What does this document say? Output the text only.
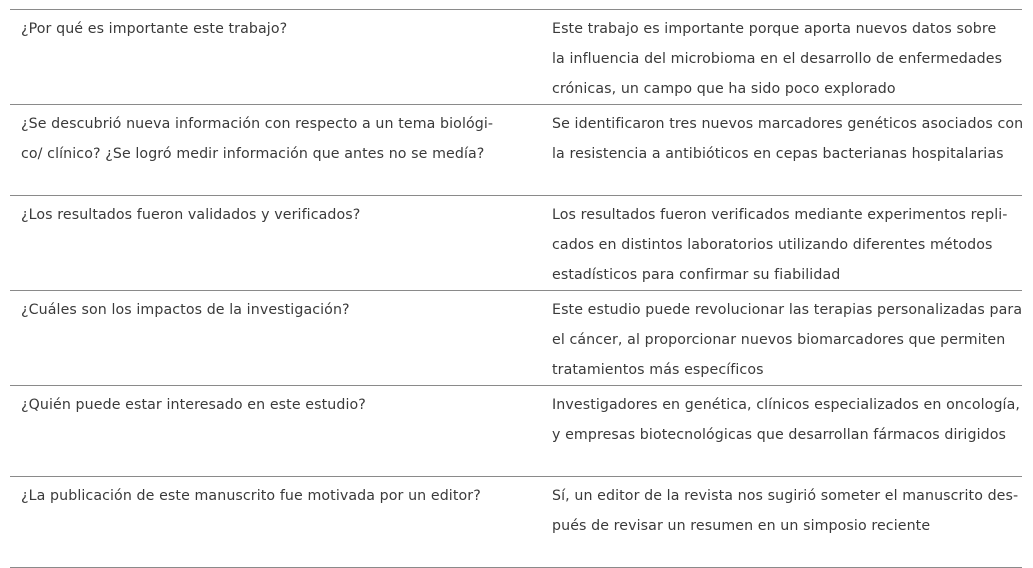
¿Por qué es importante este trabajo?	Este trabajo es importante porque aporta nuevos datos sobre
la influencia del microbioma en el desarrollo de enfermedades
crónicas, un campo que ha sido poco explorado

¿Se descubrió nueva información con respecto a un tema biológi-
co/ clínico? ¿Se logró medir información que antes no se medía?	Se identificaron tres nuevos marcadores genéticos asociados con
la resistencia a antibióticos en cepas bacterianas hospitalarias

¿Los resultados fueron validados y verificados?	Los resultados fueron verificados mediante experimentos repli-
cados en distintos laboratorios utilizando diferentes métodos
estadísticos para confirmar su fiabilidad

¿Cuáles son los impactos de la investigación?	Este estudio puede revolucionar las terapias personalizadas para
el cáncer, al proporcionar nuevos biomarcadores que permiten
tratamientos más específicos

¿Quién puede estar interesado en este estudio?	Investigadores en genética, clínicos especializados en oncología,
y empresas biotecnológicas que desarrollan fármacos dirigidos

¿La publicación de este manuscrito fue motivada por un editor?	Sí, un editor de la revista nos sugirió someter el manuscrito des-
pués de revisar un resumen en un simposio reciente
